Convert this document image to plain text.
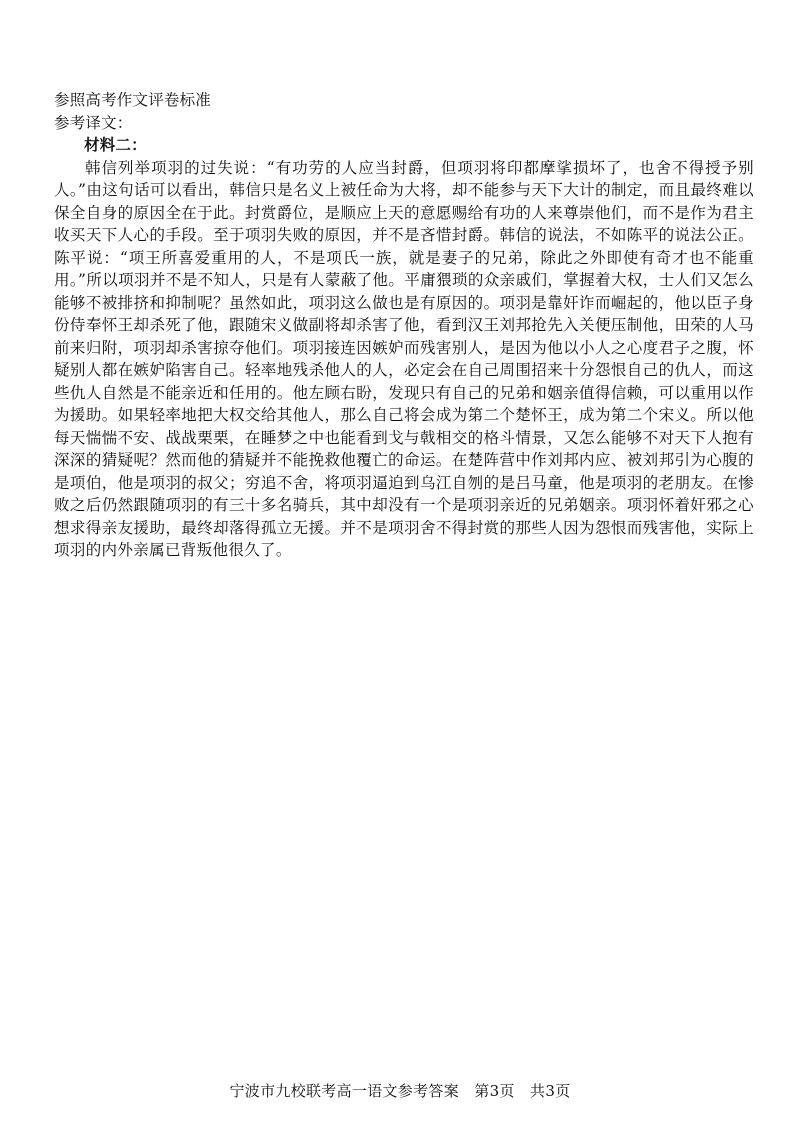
参照高考作文评卷标准
参考译文：
材料二：

韩信列举项羽的过失说：“有功劳的人应当封爵，但项羽将印都摩挲损坏了，也舍不得授予别人。”由这句话可以看出，韩信只是名义上被任命为大将，却不能参与天下大计的制定，而且最终难以保全自身的原因全在于此。封赏爵位，是顺应上天的意愿赐给有功的人来尊崇他们，而不是作为君主收买天下人心的手段。至于项羽失败的原因，并不是吝惜封爵。韩信的说法，不如陈平的说法公正。陈平说：“项王所喜爱重用的人，不是项氏一族，就是妻子的兄弟，除此之外即使有奇才也不能重用。”所以项羽并不是不知人，只是有人蒙蔽了他。平庸猥琐的众亲戚们，掌握着大权，士人们又怎么能够不被排挤和抑制呢？虽然如此，项羽这么做也是有原因的。项羽是靠奸诈而崛起的，他以臣子身份侍奉怀王却杀死了他，跟随宋义做副将却杀害了他，看到汉王刘邦抢先入关便压制他，田荣的人马前来归附，项羽却杀害掠夺他们。项羽接连因嫉妒而残害别人，是因为他以小人之心度君子之腹，怀疑别人都在嫉妒陷害自己。轻率地残杀他人的人，必定会在自己周围招来十分怨恨自己的仇人，而这些仇人自然是不能亲近和任用的。他左顾右盼，发现只有自己的兄弟和姻亲值得信赖，可以重用以作为援助。如果轻率地把大权交给其他人，那么自己将会成为第二个楚怀王，成为第二个宋义。所以他每天惴惴不安、战战栗栗，在睡梦之中也能看到戈与戟相交的格斗情景，又怎么能够不对天下人抱有深深的猜疑呢？然而他的猜疑并不能挽救他覆亡的命运。在楚阵营中作刘邦内应、被刘邦引为心腹的是项伯，他是项羽的叔父；穷追不舍，将项羽逼迫到乌江自刎的是吕马童，他是项羽的老朋友。在惨败之后仍然跟随项羽的有三十多名骑兵，其中却没有一个是项羽亲近的兄弟姻亲。项羽怀着奸邪之心想求得亲友援助，最终却落得孤立无援。并不是项羽舍不得封赏的那些人因为怨恨而残害他，实际上项羽的内外亲属已背叛他很久了。

宁波市九校联考高一语文参考答案　第3页　共3页
